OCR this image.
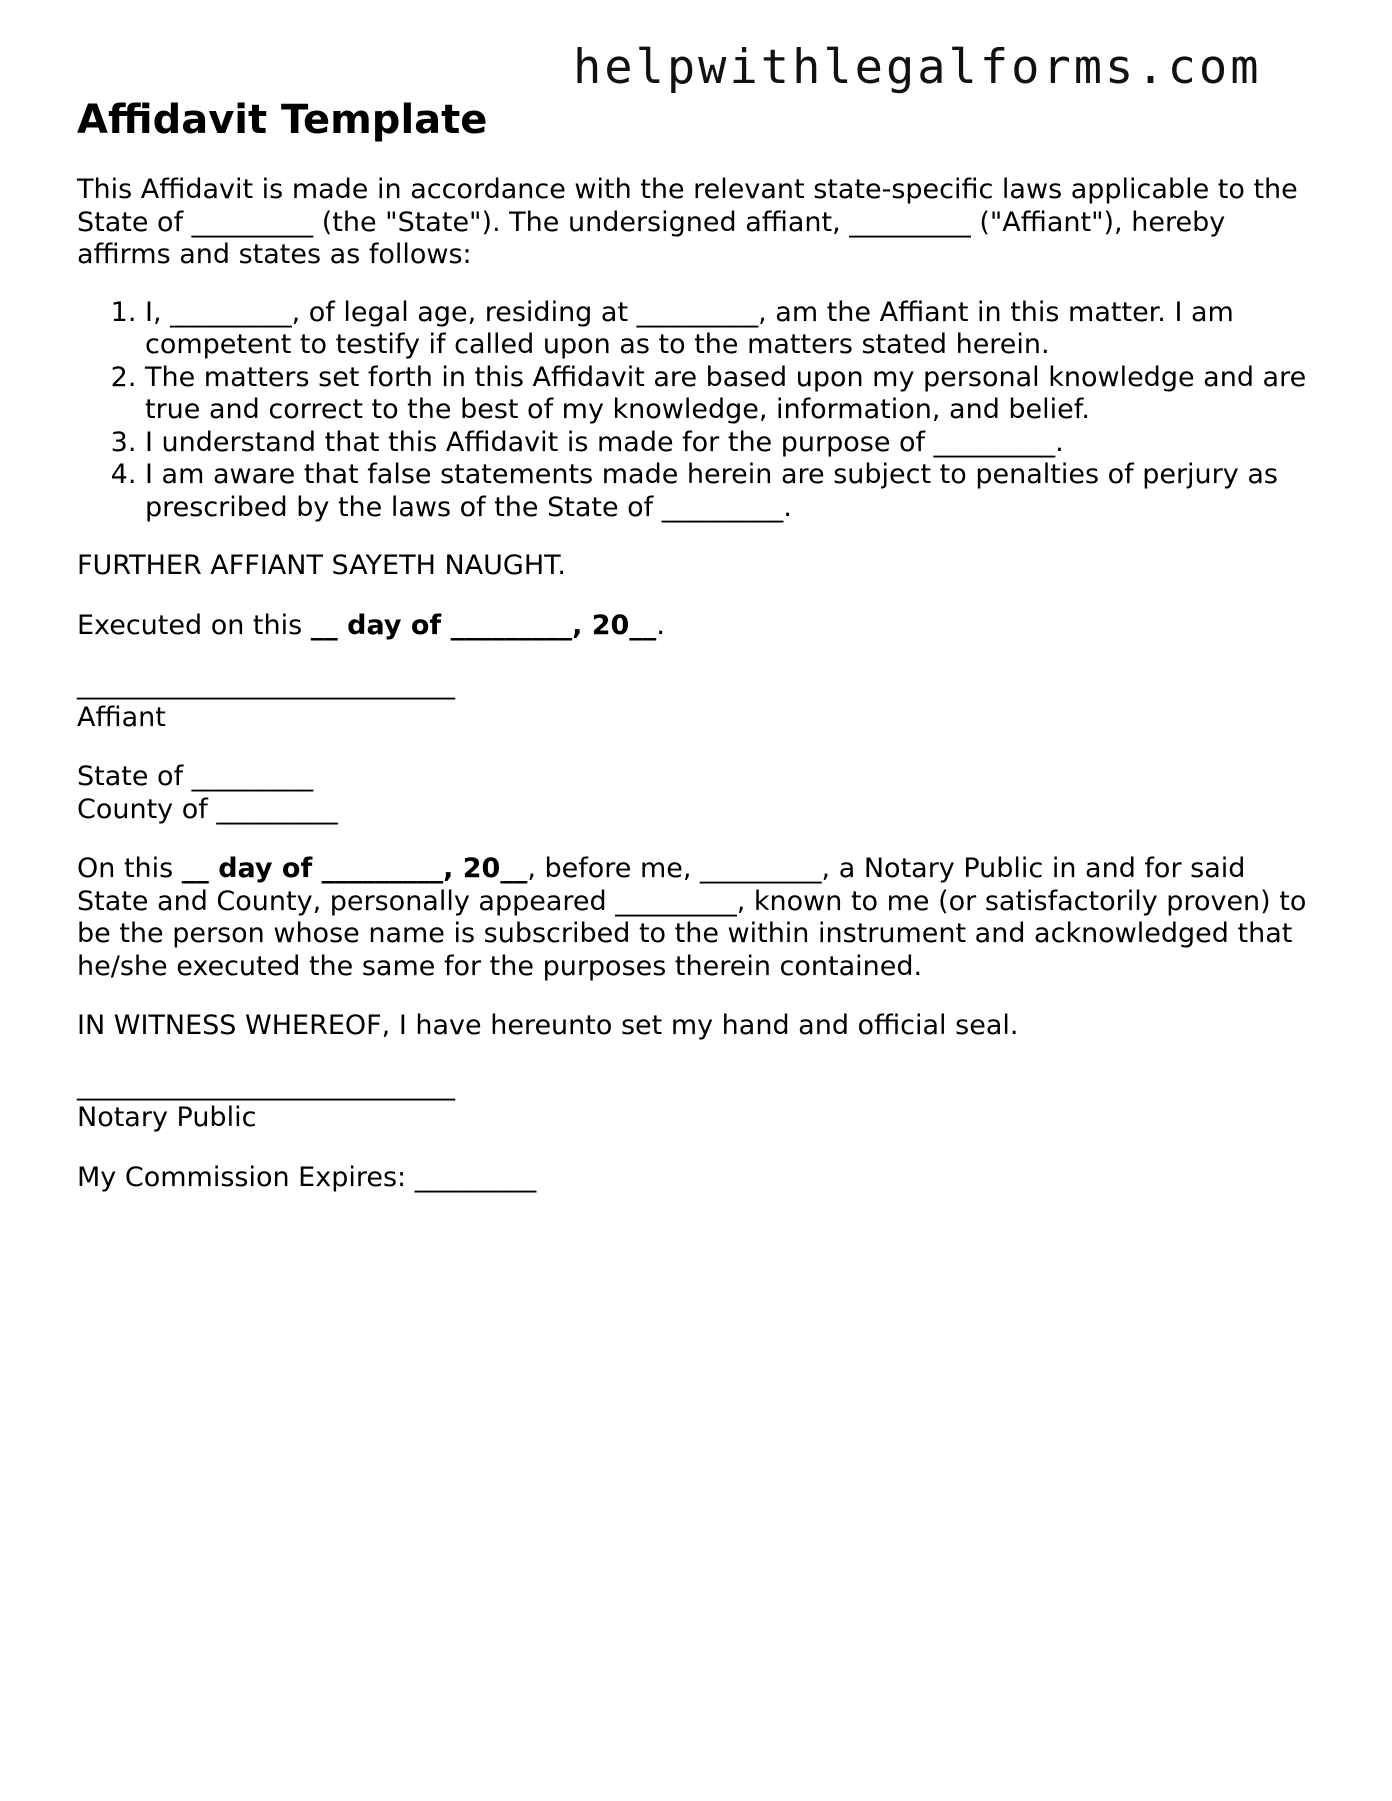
helpwithlegalforms.com
Affidavit Template

This Affidavit is made in accordance with the relevant state-specific laws applicable to the State of _________ (the "State"). The undersigned affiant, _________ ("Affiant"), hereby affirms and states as follows:

1. I, _________, of legal age, residing at _________, am the Affiant in this matter. I am competent to testify if called upon as to the matters stated herein.
2. The matters set forth in this Affidavit are based upon my personal knowledge and are true and correct to the best of my knowledge, information, and belief.
3. I understand that this Affidavit is made for the purpose of _________.
4. I am aware that false statements made herein are subject to penalties of perjury as prescribed by the laws of the State of _________.

FURTHER AFFIANT SAYETH NAUGHT.

Executed on this __ day of _________, 20__.

____________________________

Affiant

State of _________

County of _________

On this __ day of _________, 20__, before me, _________, a Notary Public in and for said State and County, personally appeared _________, known to me (or satisfactorily proven) to be the person whose name is subscribed to the within instrument and acknowledged that he/she executed the same for the purposes therein contained.

IN WITNESS WHEREOF, I have hereunto set my hand and official seal.

____________________________

Notary Public

My Commission Expires: _________
